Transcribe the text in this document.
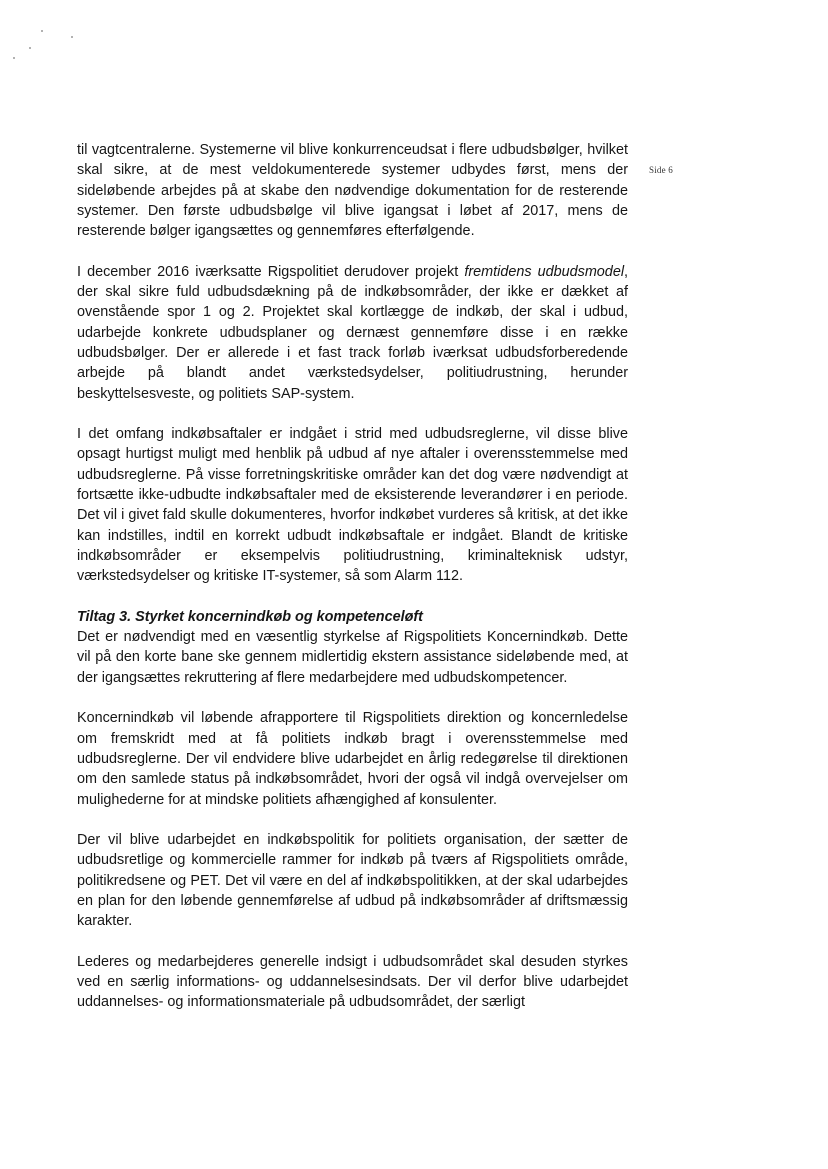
Side 6

til vagtcentralerne. Systemerne vil blive konkurrenceudsat i flere udbudsbølger, hvilket skal sikre, at de mest veldokumenterede systemer udbydes først, mens der sideløbende arbejdes på at skabe den nødvendige dokumentation for de resterende systemer. Den første udbudsbølge vil blive igangsat i løbet af 2017, mens de resterende bølger igangsættes og gennemføres efterfølgende.

I december 2016 iværksatte Rigspolitiet derudover projekt fremtidens udbudsmodel, der skal sikre fuld udbudsdækning på de indkøbsområder, der ikke er dækket af ovenstående spor 1 og 2. Projektet skal kortlægge de indkøb, der skal i udbud, udarbejde konkrete udbudsplaner og dernæst gennemføre disse i en række udbudsbølger. Der er allerede i et fast track forløb iværksat udbudsforberedende arbejde på blandt andet værkstedsydelser, politiudrustning, herunder beskyttelsesveste, og politiets SAP-system.

I det omfang indkøbsaftaler er indgået i strid med udbudsreglerne, vil disse blive opsagt hurtigst muligt med henblik på udbud af nye aftaler i overensstemmelse med udbudsreglerne. På visse forretningskritiske områder kan det dog være nødvendigt at fortsætte ikke-udbudte indkøbsaftaler med de eksisterende leverandører i en periode. Det vil i givet fald skulle dokumenteres, hvorfor indkøbet vurderes så kritisk, at det ikke kan indstilles, indtil en korrekt udbudt indkøbsaftale er indgået. Blandt de kritiske indkøbsområder er eksempelvis politiudrustning, kriminalteknisk udstyr, værkstedsydelser og kritiske IT-systemer, så som Alarm 112.

Tiltag 3. Styrket koncernindkøb og kompetenceløft

Det er nødvendigt med en væsentlig styrkelse af Rigspolitiets Koncernindkøb. Dette vil på den korte bane ske gennem midlertidig ekstern assistance sideløbende med, at der igangsættes rekruttering af flere medarbejdere med udbudskompetencer.

Koncernindkøb vil løbende afrapportere til Rigspolitiets direktion og koncernledelse om fremskridt med at få politiets indkøb bragt i overensstemmelse med udbudsreglerne. Der vil endvidere blive udarbejdet en årlig redegørelse til direktionen om den samlede status på indkøbsområdet, hvori der også vil indgå overvejelser om mulighederne for at mindske politiets afhængighed af konsulenter.

Der vil blive udarbejdet en indkøbspolitik for politiets organisation, der sætter de udbudsretlige og kommercielle rammer for indkøb på tværs af Rigspolitiets område, politikredsene og PET. Det vil være en del af indkøbspolitikken, at der skal udarbejdes en plan for den løbende gennemførelse af udbud på indkøbsområder af driftsmæssig karakter.

Lederes og medarbejderes generelle indsigt i udbudsområdet skal desuden styrkes ved en særlig informations- og uddannelsesindsats. Der vil derfor blive udarbejdet uddannelses- og informationsmateriale på udbudsområdet, der særligt
